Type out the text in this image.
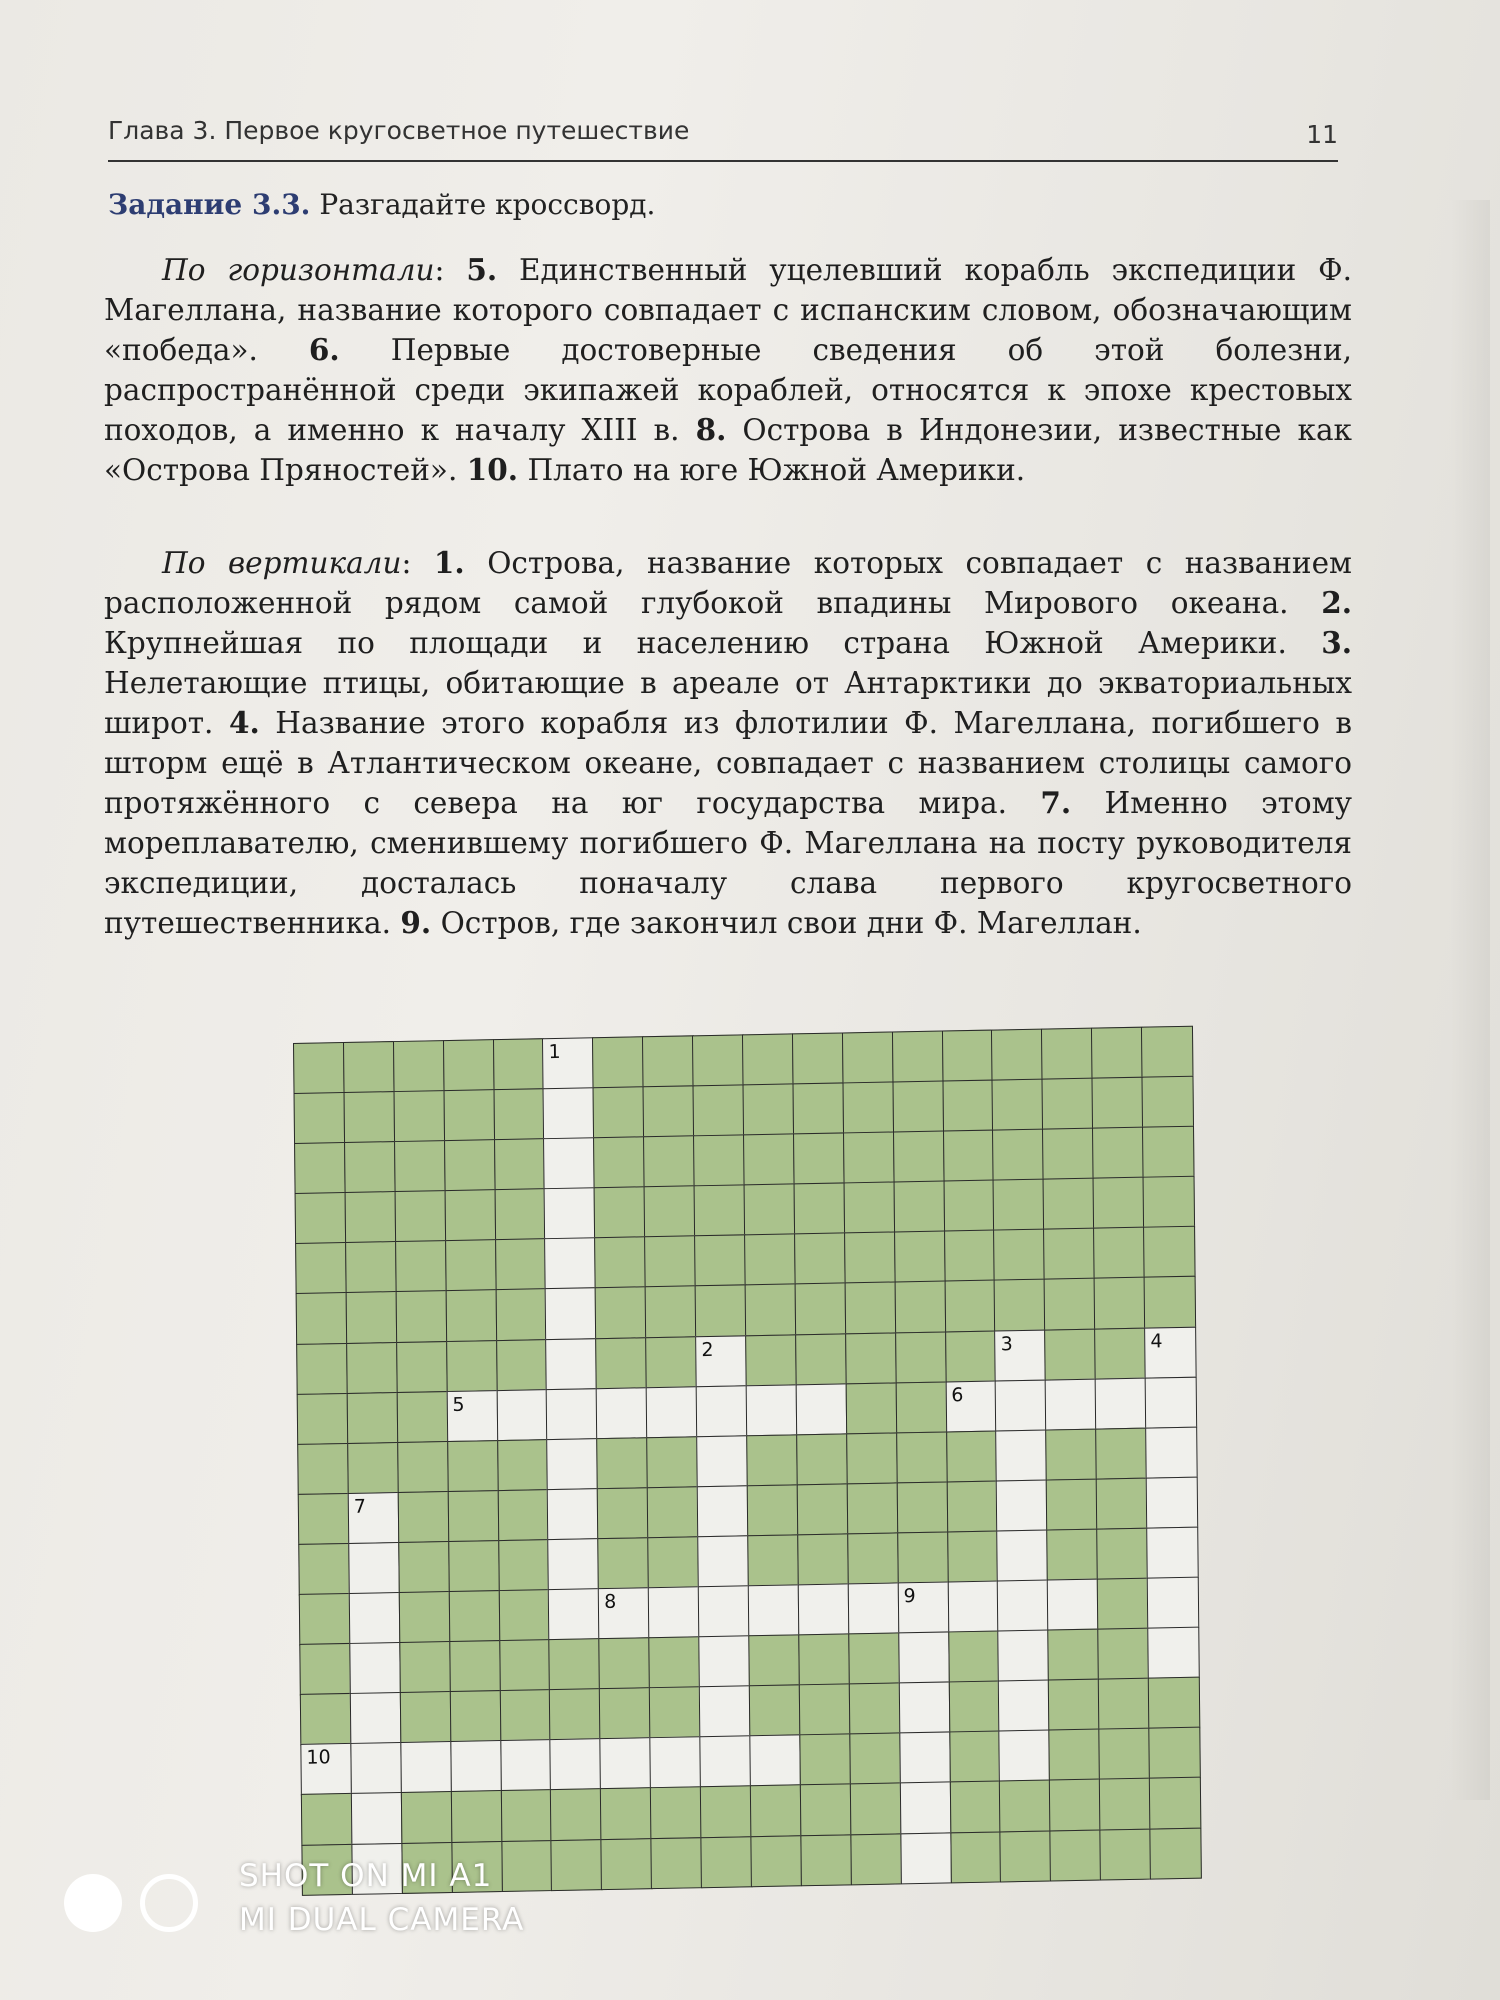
Глава 3. Первое кругосветное путешествие	11
Задание 3.3. Разгадайте кроссворд.
По горизонтали: 5. Единственный уцелевший корабль экспедиции Ф. Магеллана, название которого совпадает с испанским словом, обозначающим «победа». 6. Первые достоверные сведения об этой болезни, распространённой среди экипажей кораблей, относятся к эпохе крестовых походов, а именно к началу XIII в. 8. Острова в Индонезии, известные как «Острова Пряностей». 10. Плато на юге Южной Америки.
По вертикали: 1. Острова, название которых совпадает с названием расположенной рядом самой глубокой впадины Мирового океана. 2. Крупнейшая по площади и населению страна Южной Америки. 3. Нелетающие птицы, обитающие в ареале от Антарктики до экваториальных широт. 4. Название этого корабля из флотилии Ф. Магеллана, погибшего в шторм ещё в Атлантическом океане, совпадает с названием столицы самого протяжённого с севера на юг государства мира. 7. Именно этому мореплавателю, сменившему погибшего Ф. Магеллана на посту руководителя экспедиции, досталась поначалу слава первого кругосветного путешественника. 9. Остров, где закончил свои дни Ф. Магеллан.
1
2	3	4
5	6
7
8	9
10
SHOT ON MI A1
MI DUAL CAMERA
